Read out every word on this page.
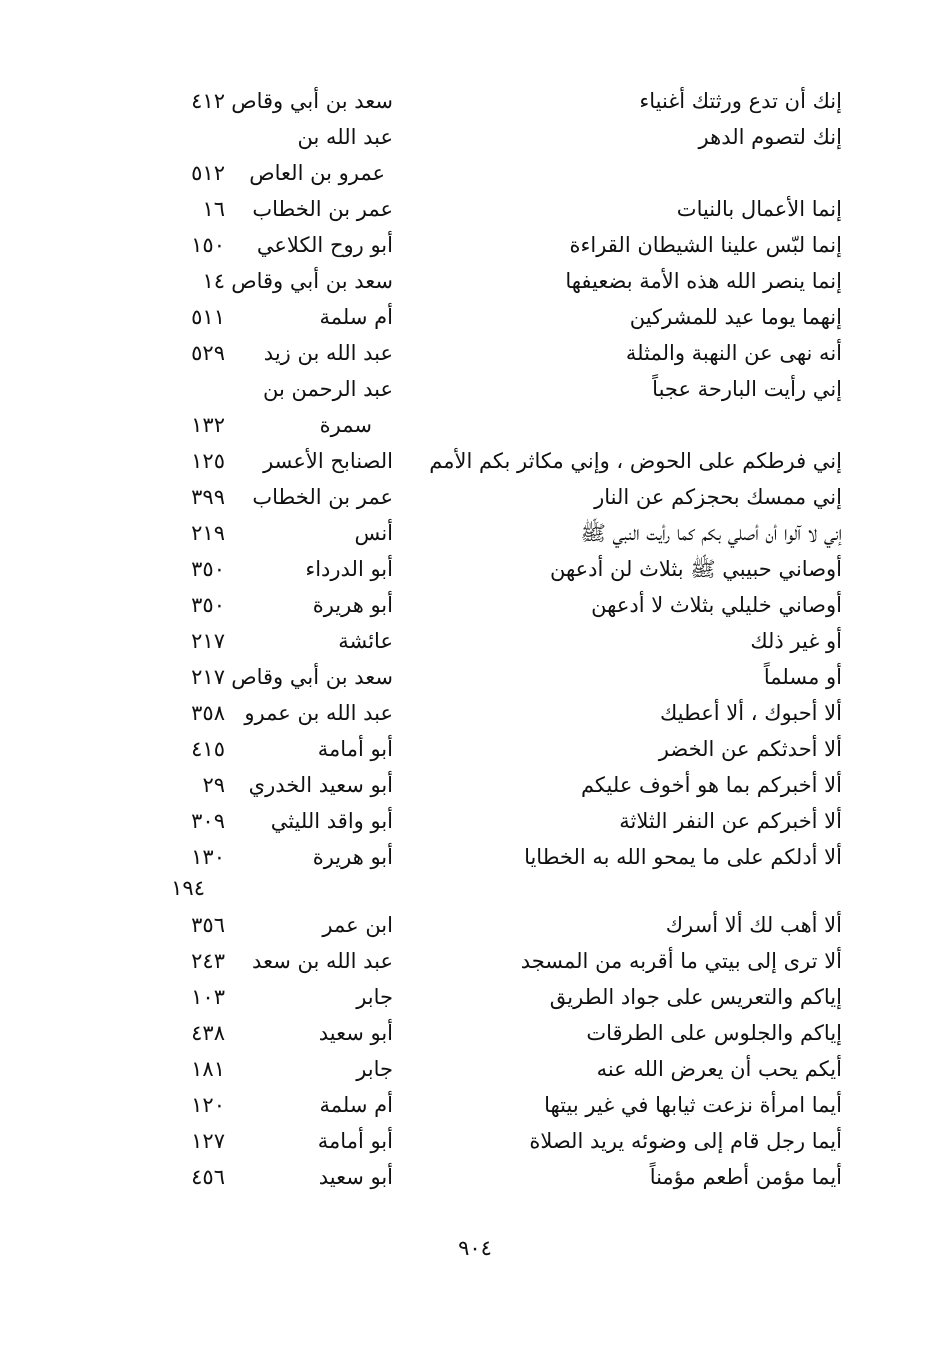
إنك أن تدع ورثتك أغنياء
سعد بن أبي وقاص
٤١٢
إنك لتصوم الدهر
عبد الله بن
عمرو بن العاص
٥١٢
إنما الأعمال بالنيات
عمر بن الخطاب
١٦
إنما لبّس علينا الشيطان القراءة
أبو روح الكلاعي
١٥٠
إنما ينصر الله هذه الأمة بضعيفها
سعد بن أبي وقاص
١٤
إنهما يوما عيد للمشركين
أم سلمة
٥١١
أنه نهى عن النهبة والمثلة
عبد الله بن زيد
٥٢٩
إني رأيت البارحة عجباً
عبد الرحمن بن
سمرة
١٣٢
إني فرطكم على الحوض ، وإني مكاثر بكم الأمم
الصنابح الأعسر
١٢٥
إني ممسك بحجزكم عن النار
عمر بن الخطاب
٣٩٩
إني لا آلوا أن أصلي بكم كما رأيت النبي ﷺ
أنس
٢١٩
أوصاني حبيبي ﷺ بثلاث لن أدعهن
أبو الدرداء
٣٥٠
أوصاني خليلي بثلاث لا أدعهن
أبو هريرة
٣٥٠
أو غير ذلك
عائشة
٢١٧
أو مسلماً
سعد بن أبي وقاص
٢١٧
ألا أحبوك ، ألا أعطيك
عبد الله بن عمرو
٣٥٨
ألا أحدثكم عن الخضر
أبو أمامة
٤١٥
ألا أخبركم بما هو أخوف عليكم
أبو سعيد الخدري
٢٩
ألا أخبركم عن النفر الثلاثة
أبو واقد الليثي
٣٠٩
ألا أدلكم على ما يمحو الله به الخطايا
أبو هريرة
١٣٠
١٩٤
ألا أهب لك ألا أسرك
ابن عمر
٣٥٦
ألا ترى إلى بيتي ما أقربه من المسجد
عبد الله بن سعد
٢٤٣
إياكم والتعريس على جواد الطريق
جابر
١٠٣
إياكم والجلوس على الطرقات
أبو سعيد
٤٣٨
أيكم يحب أن يعرض الله عنه
جابر
١٨١
أيما امرأة نزعت ثيابها في غير بيتها
أم سلمة
١٢٠
أيما رجل قام إلى وضوئه يريد الصلاة
أبو أمامة
١٢٧
أيما مؤمن أطعم مؤمناً
أبو سعيد
٤٥٦
٩٠٤
